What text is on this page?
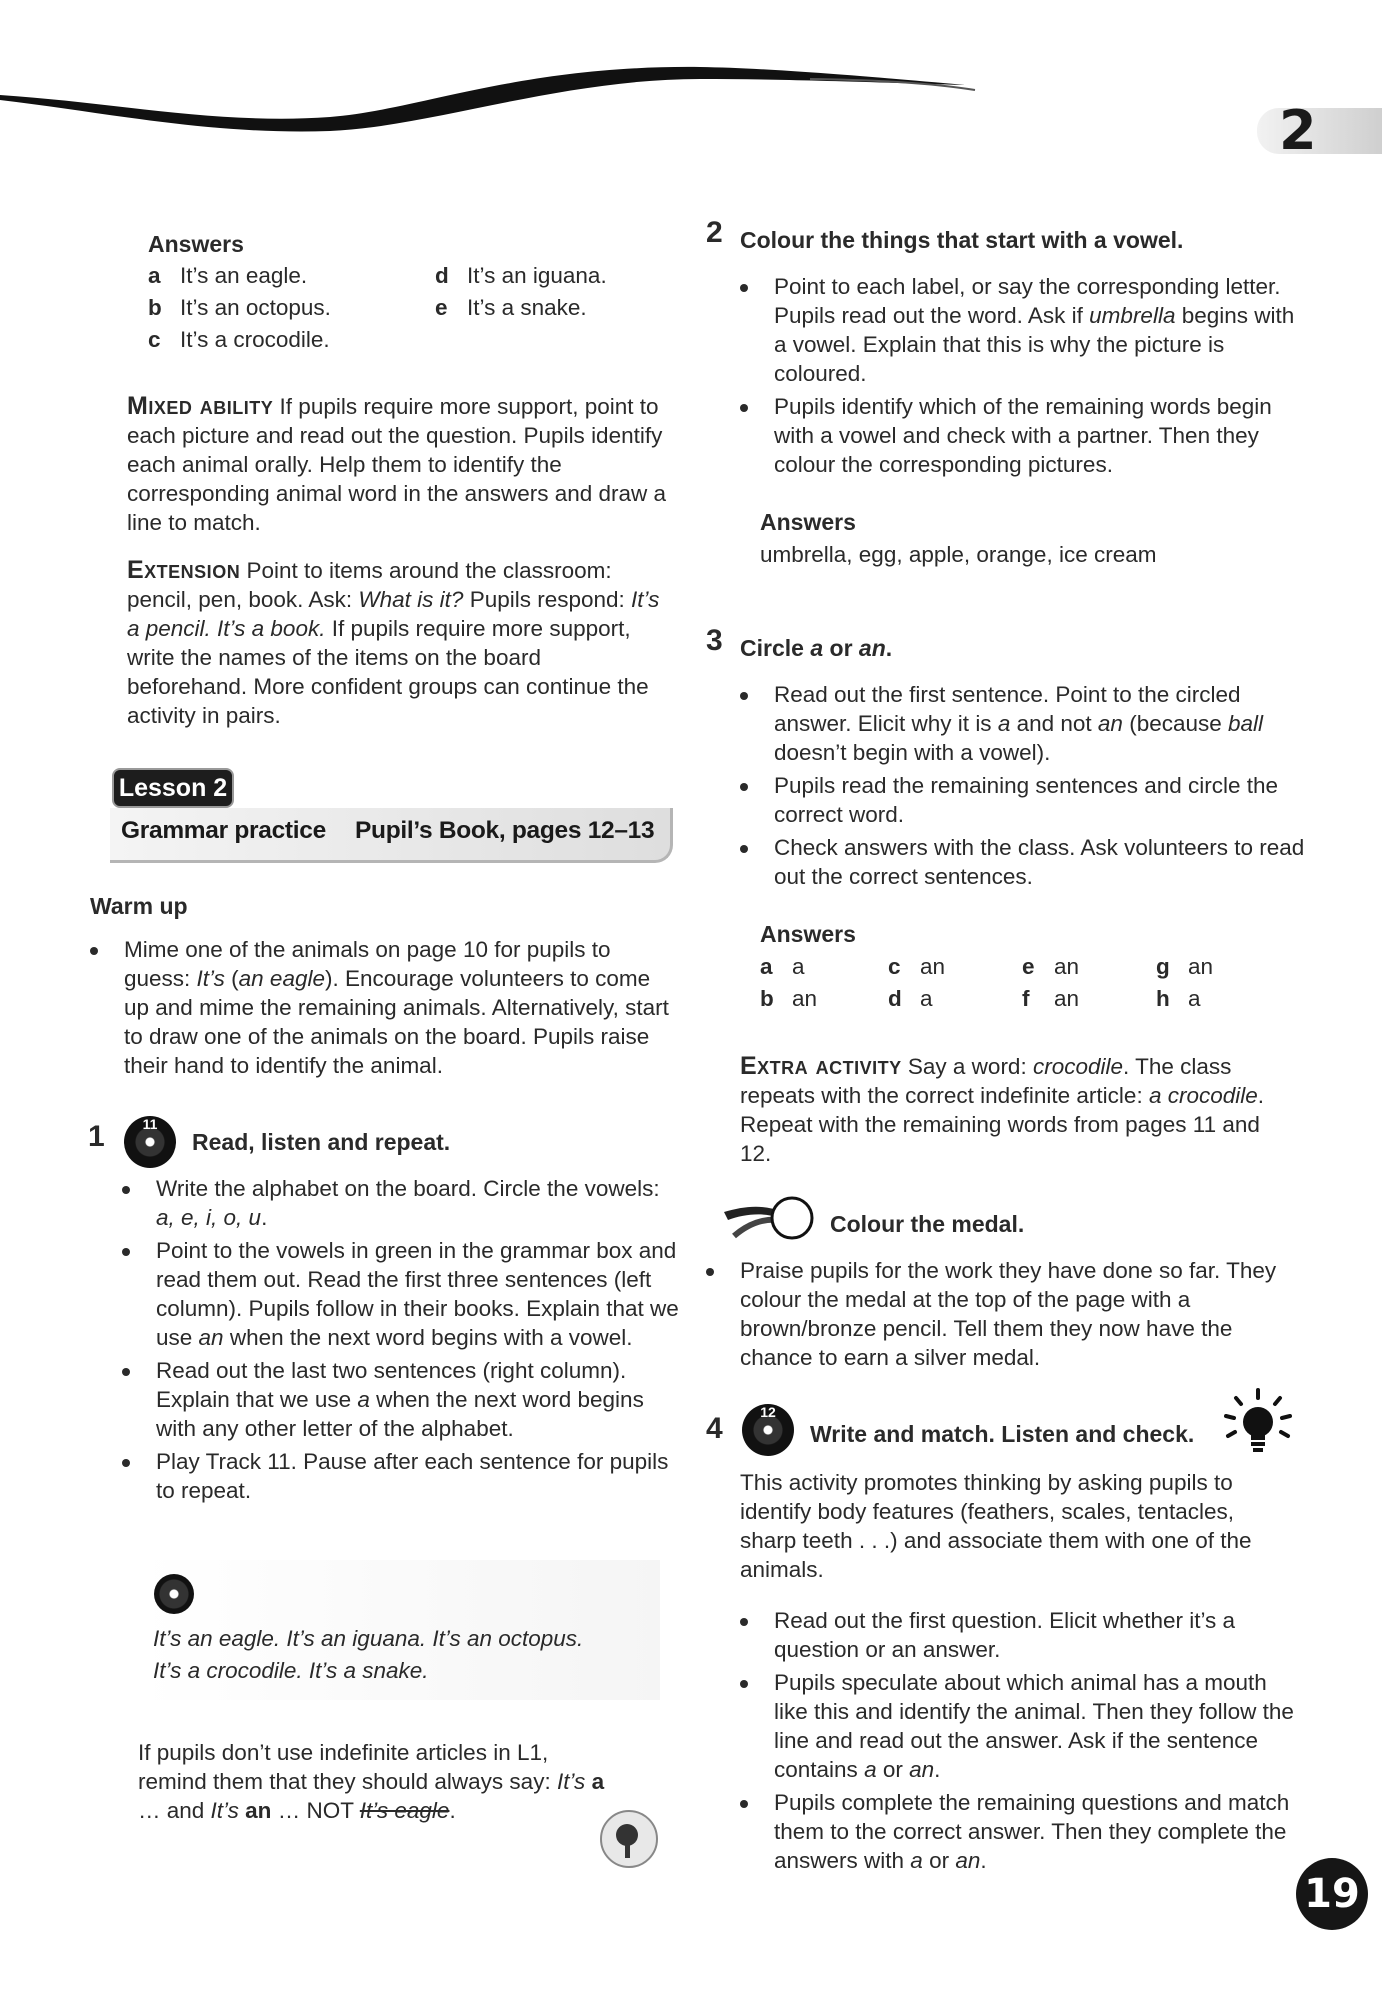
2
Answers
a It’s an eagle.
b It’s an octopus.
c It’s a crocodile.
d It’s an iguana.
e It’s a snake.
Mixed ability If pupils require more support, point to each picture and read out the question. Pupils identify each animal orally. Help them to identify the corresponding animal word in the answers and draw a line to match.
Extension Point to items around the classroom: pencil, pen, book. Ask: What is it? Pupils respond: It’s a pencil. It’s a book. If pupils require more support, write the names of the items on the board beforehand. More confident groups can continue the activity in pairs.
Lesson 2
Grammar practice Pupil’s Book, pages 12–13
Warm up
Mime one of the animals on page 10 for pupils to guess: It’s (an eagle). Encourage volunteers to come up and mime the remaining animals. Alternatively, start to draw one of the animals on the board. Pupils raise their hand to identify the animal.
1	11
Read, listen and repeat.
Write the alphabet on the board. Circle the vowels: a, e, i, o, u.
Point to the vowels in green in the grammar box and read them out. Read the first three sentences (left column). Pupils follow in their books. Explain that we use an when the next word begins with a vowel.
Read out the last two sentences (right column). Explain that we use a when the next word begins with any other letter of the alphabet.
Play Track 11. Pause after each sentence for pupils to repeat.
It’s an eagle. It’s an iguana. It’s an octopus.
It’s a crocodile. It’s a snake.
If pupils don’t use indefinite articles in L1, remind them that they should always say: It’s a … and It’s an … NOT It’s eagle.
2 Colour the things that start with a vowel.
Point to each label, or say the corresponding letter. Pupils read out the word. Ask if umbrella begins with a vowel. Explain that this is why the picture is coloured.
Pupils identify which of the remaining words begin with a vowel and check with a partner. Then they colour the corresponding pictures.
Answers
umbrella, egg, apple, orange, ice cream
3 Circle a or an.
Read out the first sentence. Point to the circled answer. Elicit why it is a and not an (because ball doesn’t begin with a vowel).
Pupils read the remaining sentences and circle the correct word.
Check answers with the class. Ask volunteers to read out the correct sentences.
Answers
a a	c an	e an	g an
b an	d a	f an	h a
Extra activity Say a word: crocodile. The class repeats with the correct indefinite article: a crocodile. Repeat with the remaining words from pages 11 and 12.
Colour the medal.
Praise pupils for the work they have done so far. They colour the medal at the top of the page with a brown/bronze pencil. Tell them they now have the chance to earn a silver medal.
4	12
Write and match. Listen and check.
This activity promotes thinking by asking pupils to identify body features (feathers, scales, tentacles, sharp teeth . . .) and associate them with one of the animals.
Read out the first question. Elicit whether it’s a question or an answer.
Pupils speculate about which animal has a mouth like this and identify the animal. Then they follow the line and read out the answer. Ask if the sentence contains a or an.
Pupils complete the remaining questions and match them to the correct answer. Then they complete the answers with a or an.
19
